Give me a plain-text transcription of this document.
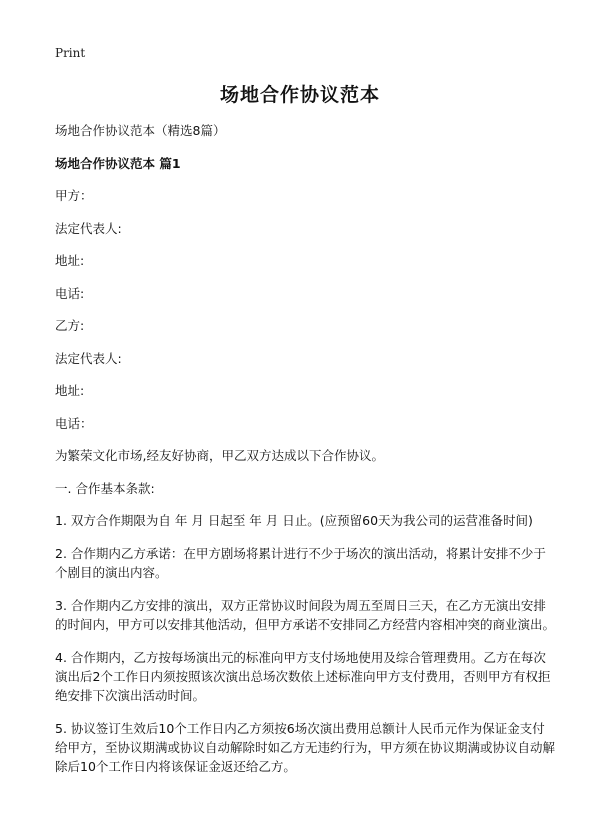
Print
场地合作协议范本

场地合作协议范本（精选8篇）

场地合作协议范本 篇1

甲方：

法定代表人:

地址:

电话:

乙方:

法定代表人:

地址:

电话：

为繁荣文化市场,经友好协商，甲乙双方达成以下合作协议。

一. 合作基本条款:

1. 双方合作期限为自 年 月 日起至 年 月 日止。(应预留60天为我公司的运营准备时间)

2. 合作期内乙方承诺：在甲方剧场将累计进行不少于场次的演出活动，将累计安排不少于个剧目的演出内容。

3. 合作期内乙方安排的演出，双方正常协议时间段为周五至周日三天，在乙方无演出安排的时间内，甲方可以安排其他活动，但甲方承诺不安排同乙方经营内容相冲突的商业演出。

4. 合作期内，乙方按每场演出元的标准向甲方支付场地使用及综合管理费用。乙方在每次演出后2个工作日内须按照该次演出总场次数依上述标准向甲方支付费用，否则甲方有权拒绝安排下次演出活动时间。

5. 协议签订生效后10个工作日内乙方须按6场次演出费用总额计人民币元作为保证金支付给甲方，至协议期满或协议自动解除时如乙方无违约行为，甲方须在协议期满或协议自动解除后10个工作日内将该保证金返还给乙方。
